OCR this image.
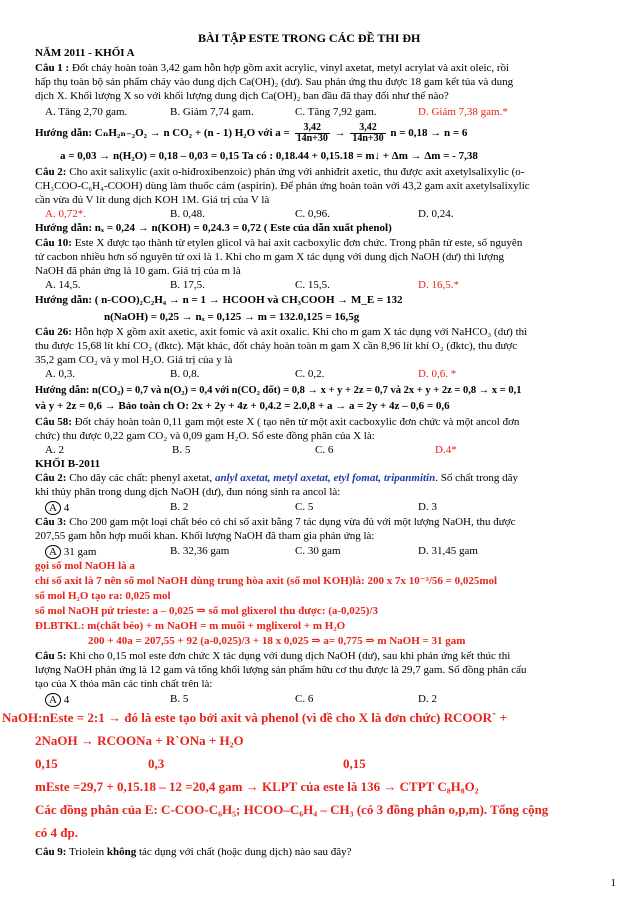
BÀI TẬP ESTE TRONG CÁC ĐỀ THI ĐH
NĂM 2011 - KHỐI A
Câu 1 : Đốt cháy hoàn toàn 3,42 gam hỗn hợp gồm axit acrylic, vinyl axetat, metyl acrylat và axit oleic, rồi
hấp thụ toàn bộ sản phẩm cháy vào dung dịch Ca(OH)₂ (dư). Sau phản ứng thu được 18 gam kết tủa và dung
dịch X. Khối lượng X so với khối lượng dung dịch Ca(OH)₂ ban đầu đã thay đổi như thế nào?
A. Tăng 2,70 gam.	B. Giảm 7,74 gam.	C. Tăng 7,92 gam.	D. Giảm 7,38 gam.*
Hướng dẫn: CₙH₂ₙ₋₂O₂ → n CO₂ + (n - 1) H₂O với $a = \frac{3,42}{14n+30} \to \frac{3,42}{14n+30}$ n = 0,18 → n = 6
a = 0,03 → n(H₂O) = 0,18 – 0,03 = 0,15 Ta có : 0,18.44 + 0,15.18 = m↓ + Δm → Δm = - 7,38
Câu 2: Cho axit salixylic (axit o-hiđroxibenzoic) phản ứng với anhiđrit axetic, thu được axit axetylsalixylic (o-
CH₃COO-C₆H₄-COOH) dùng làm thuốc cảm (aspirin). Để phản ứng hoàn toàn với 43,2 gam axit axetylsalixylic
cần vừa đủ V lít dung dịch KOH 1M. Giá trị của V là
A. 0,72*.	B. 0,48.	C. 0,96.	D. 0,24.
Hướng dẫn: nₓ = 0,24 → n(KOH) = 0,24.3 = 0,72 ( Este của dẫn xuất phenol)
Câu 10: Este X được tạo thành từ etylen glicol và hai axit cacboxylic đơn chức. Trong phân tử este, số nguyên
tử cacbon nhiều hơn số nguyên tử oxi là 1. Khi cho m gam X tác dụng với dung dịch NaOH (dư) thì lượng
NaOH đã phản ứng là 10 gam. Giá trị của m là
A. 14,5.	B. 17,5.	C. 15,5.	D. 16,5.*
Hướng dẫn: ( n-COO)₂C₂H₄ → n = 1 → HCOOH và CH₃COOH → M_E = 132
n(NaOH) = 0,25 → nₓ = 0,125 → m = 132.0,125 = 16,5g
Câu 26: Hỗn hợp X gồm axit axetic, axit fomic và axit oxalic. Khi cho m gam X tác dụng với NaHCO₃ (dư) thì
thu được 15,68 lít khí CO₂ (đktc). Mặt khác, đốt cháy hoàn toàn m gam X cần 8,96 lít khí O₂ (đktc), thu được
35,2 gam CO₂ và y mol H₂O. Giá trị của y là
A. 0,3.	B. 0,8.	C. 0,2.	D. 0,6. *
Hướng dẫn: n(CO₂) = 0,7 và n(O₂) = 0,4 với n(CO₂ đốt) = 0,8 → x + y + 2z = 0,7 và 2x + y + 2z = 0,8 → x = 0,1
và y + 2z = 0,6 → Bảo toàn ch O: 2x + 2y + 4z + 0,4.2 = 2.0,8 + a → a = 2y + 4z – 0,6 = 0,6
Câu 58: Đốt cháy hoàn toàn 0,11 gam một este X ( tạo nên từ một axit cacboxylic đơn chức và một ancol đơn
chức) thu được 0,22 gam CO₂ và 0,09 gam H₂O. Số este đồng phân của X là:
A. 2	B. 5	C. 6	D.4*
KHỐI B-2011
Câu 2: Cho dãy các chất: phenyl axetat, anlyl axetat, metyl axetat, etyl fomat, tripanmitin. Số chất trong dãy
khi thủy phân trong dung dịch NaOH (dư), đun nóng sinh ra ancol là:
A 4	B. 2	C. 5	D. 3
Câu 3: Cho 200 gam một loại chất béo có chỉ số axit bằng 7 tác dụng vừa đủ với một lượng NaOH, thu được
207,55 gam hỗn hợp muối khan. Khối lượng NaOH đã tham gia phản ứng là:
A 31 gam	B. 32,36 gam	C. 30 gam	D. 31,45 gam
gọi số mol NaOH là a
chỉ số axit là 7 nên số mol NaOH dùng trung hòa axit (số mol KOH)là: 200 x 7x 10⁻³/56 = 0,025mol
số mol H₂O tạo ra: 0,025 mol
số mol NaOH pứ trieste: a – 0,025 ⇒ số mol glixerol thu được: (a-0,025)/3
ĐLBTKL: m(chất béo) + m NaOH = m muối + mglixerol + m H₂O
200 + 40a = 207,55 + 92 (a-0,025)/3 + 18 x 0,025 ⇒ a= 0,775 ⇒ m NaOH = 31 gam
Câu 5: Khi cho 0,15 mol este đơn chức X tác dụng với dung dịch NaOH (dư), sau khi phản ứng kết thúc thì
lượng NaOH phản ứng là 12 gam và tổng khối lượng sản phẩm hữu cơ thu được là 29,7 gam. Số đồng phân cấu
tạo của X thỏa mãn các tính chất trên là:
A 4	B. 5	C. 6	D. 2
NaOH:nEste = 2:1 → đó là este tạo bởi axit và phenol (vì đề cho X là đơn chức) RCOOR` +
2NaOH → RCOONa + R`ONa + H₂O
0,15	0,3	0,15
mEste =29,7 + 0,15.18 – 12 =20,4 gam → KLPT của este là 136 → CTPT C₈H₈O₂
Các đồng phân của E: C-COO-C₆H₅; HCOO–C₆H₄ – CH₃ (có 3 đồng phân o,p,m). Tổng cộng
có 4 đp.
Câu 9: Triolein không tác dụng với chất (hoặc dung dịch) nào sau đây?
1
